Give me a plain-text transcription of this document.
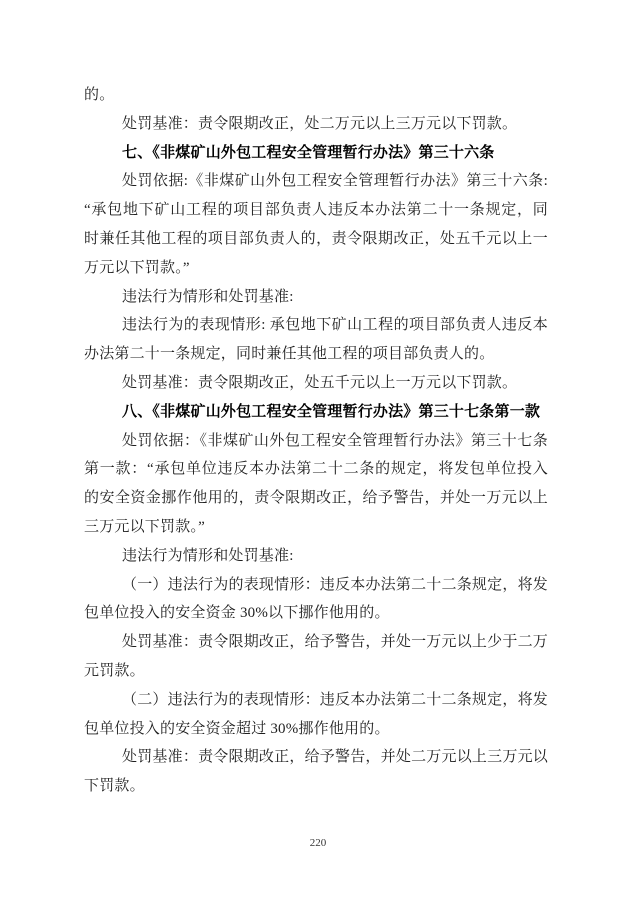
的。
处罚基准：责令限期改正，处二万元以上三万元以下罚款。
七、《非煤矿山外包工程安全管理暂行办法》第三十六条
处罚依据:《非煤矿山外包工程安全管理暂行办法》第三十六条:
“承包地下矿山工程的项目部负责人违反本办法第二十一条规定，同
时兼任其他工程的项目部负责人的，责令限期改正，处五千元以上一
万元以下罚款。”
违法行为情形和处罚基准:
违法行为的表现情形: 承包地下矿山工程的项目部负责人违反本
办法第二十一条规定，同时兼任其他工程的项目部负责人的。
处罚基准：责令限期改正，处五千元以上一万元以下罚款。
八、《非煤矿山外包工程安全管理暂行办法》第三十七条第一款
处罚依据：《非煤矿山外包工程安全管理暂行办法》第三十七条
第一款：“承包单位违反本办法第二十二条的规定，将发包单位投入
的安全资金挪作他用的，责令限期改正，给予警告，并处一万元以上
三万元以下罚款。”
违法行为情形和处罚基准:
（一）违法行为的表现情形：违反本办法第二十二条规定，将发
包单位投入的安全资金 30%以下挪作他用的。
处罚基准：责令限期改正，给予警告，并处一万元以上少于二万
元罚款。
（二）违法行为的表现情形：违反本办法第二十二条规定，将发
包单位投入的安全资金超过 30%挪作他用的。
处罚基准：责令限期改正，给予警告，并处二万元以上三万元以
下罚款。
220
